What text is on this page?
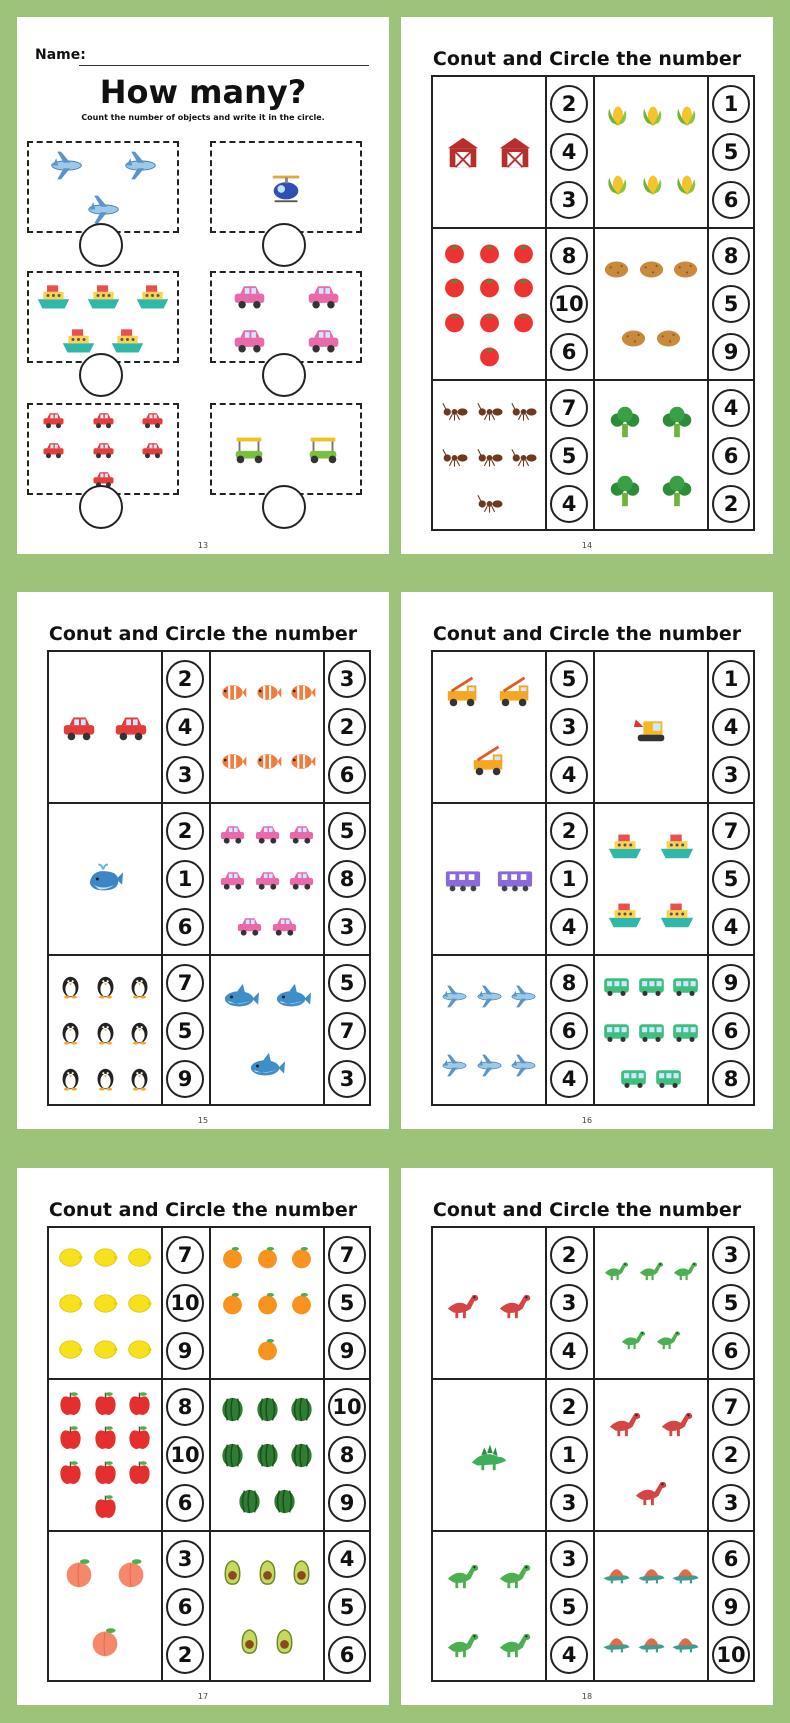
Name:
How many?
Count the number of objects and write it in the circle.
13
Conut and Circle the number
2
4
3
1
5
6
8
10
6
8
5
9
7
5
4
4
6
2
14
Conut and Circle the number
2
4
3
3
2
6
2
1
6
5
8
3
7
5
9
5
7
3
15
Conut and Circle the number
5
3
4
1
4
3
2
1
4
7
5
4
8
6
4
9
6
8
16
Conut and Circle the number
7
10
9
7
5
9
8
10
6
10
8
9
3
6
2
4
5
6
17
Conut and Circle the number
2
3
4
3
5
6
2
1
3
7
2
3
3
5
4
6
9
10
18
